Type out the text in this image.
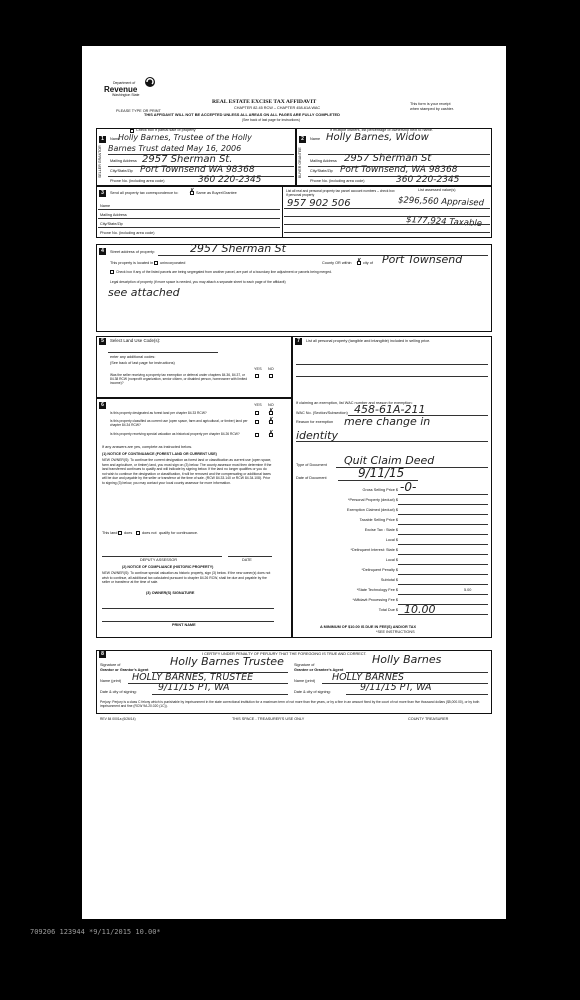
Department of
Revenue
Washington State
PLEASE TYPE OR PRINT
REAL ESTATE EXCISE TAX AFFIDAVIT
CHAPTER 82.45 RCW – CHAPTER 458-61A WAC
THIS AFFIDAVIT WILL NOT BE ACCEPTED UNLESS ALL AREAS ON ALL PAGES ARE FULLY COMPLETED
(See back of last page for instructions)
This form is your receipt
when stamped by cashier.
Check box if partial sale of property	If multiple owners, list percentage of ownership next to name.
1
SELLER GRANTOR
Name
Holly Barnes, Trustee of the Holly
Barnes Trust dated May 16, 2006
Mailing Address 2957 Sherman St.
City/State/Zip Port Townsend WA 98368
Phone No. (including area code)	360 220-2345
2
BUYER GRANTEE
Name Holly Barnes, Widow
Mailing Address 2957 Sherman St
City/State/Zip Port Townsend, WA 98368
Phone No. (including area code)	360 220-2345
3	Send all property tax correspondence to: ✗ Same as Buyer/Grantee
Name
Mailing Address
City/State/Zip
Phone No. (including area code)
List all real and personal property tax parcel account numbers – check box if personal property
List assessed value(s)
957 902 506	$296,560 Appraised
$177,924 Taxable
4	Street address of property:	2957 Sherman St
This property is located in unincorporated	County OR within ✗ city of Port Townsend
Check box if any of the listed parcels are being segregated from another parcel, are part of a boundary line adjustment or parcels being merged.
Legal description of property (if more space is needed, you may attach a separate sheet to each page of the affidavit)
see attached
5	Select Land Use Code(s):
enter any additional codes:
(See back of last page for instructions)
YES NO
Was the seller receiving a property tax exemption or deferral under chapters 84.36, 84.37, or 84.38 RCW (nonprofit organization, senior citizen, or disabled person, homeowner with limited income)?
6	YES NO
Is this property designated as forest land per chapter 84.33 RCW?	✗
Is this property classified as current use (open space, farm and agricultural, or timber) land per chapter 84.34 RCW?
✗
Is this property receiving special valuation as historical property per chapter 84.26 RCW?	✗
If any answers are yes, complete as instructed below.
(1) NOTICE OF CONTINUANCE (FOREST LAND OR CURRENT USE)
NEW OWNER(S): To continue the current designation as forest land or classification as current use (open space, farm and agriculture, or timber) land, you must sign on (3) below. The county assessor must then determine if the land transferred continues to qualify and will indicate by signing below. If the land no longer qualifies or you do not wish to continue the designation or classification, it will be removed and the compensating or additional taxes will be due and payable by the seller or transferor at the time of sale. (RCW 84.33.140 or RCW 84.34.108). Prior to signing (3) below, you may contact your local county assessor for more information.
This land does	does not qualify for continuance.
DEPUTY ASSESSOR	DATE
(2) NOTICE OF COMPLIANCE (HISTORIC PROPERTY)
NEW OWNER(S): To continue special valuation as historic property, sign (3) below. If the new owner(s) does not wish to continue, all additional tax calculated pursuant to chapter 84.26 RCW, shall be due and payable by the seller or transferor at the time of sale.
(3) OWNER(S) SIGNATURE
PRINT NAME
7	List all personal property (tangible and intangible) included in selling price.
If claiming an exemption, list WAC number and reason for exemption:
WAC No. (Section/Subsection) 458-61A-211
Reason for exemption mere change in
identity
Type of Document Quit Claim Deed
Date of Document	9/11/15
Gross Selling Price $ -0-
*Personal Property (deduct) $
Exemption Claimed (deduct) $
Taxable Selling Price $
Excise Tax : State $
Local $
*Delinquent Interest: State $
Local $
*Delinquent Penalty $
Subtotal $
*State Technology Fee $	5.00
*Affidavit Processing Fee $
Total Due $ 10.00
A MINIMUM OF $10.00 IS DUE IN FEE(S) AND/OR TAX
*SEE INSTRUCTIONS
8	I CERTIFY UNDER PENALTY OF PERJURY THAT THE FOREGOING IS TRUE AND CORRECT.
Signature of
Grantor or Grantor's Agent
Holly Barnes Trustee	Signature of
Grantee or Grantee's Agent
Holly Barnes
Name (print) HOLLY BARNES, TRUSTEE	Name (print) HOLLY BARNES
Date & city of signing: 9/11/15 PT, WA	Date & city of signing:	9/11/15 PT, WA
Perjury: Perjury is a class C felony which is punishable by imprisonment in the state correctional institution for a maximum term of not more than five years, or by a fine in an amount fixed by the court of not more than five thousand dollars ($5,000.00), or by both imprisonment and fine (RCW 9A.20.020 (1C)).
REV 84 0001a (6/26/14)	THIS SPACE - TREASURER'S USE ONLY	COUNTY TREASURER
709206 123944 *9/11/2015 10.00*
